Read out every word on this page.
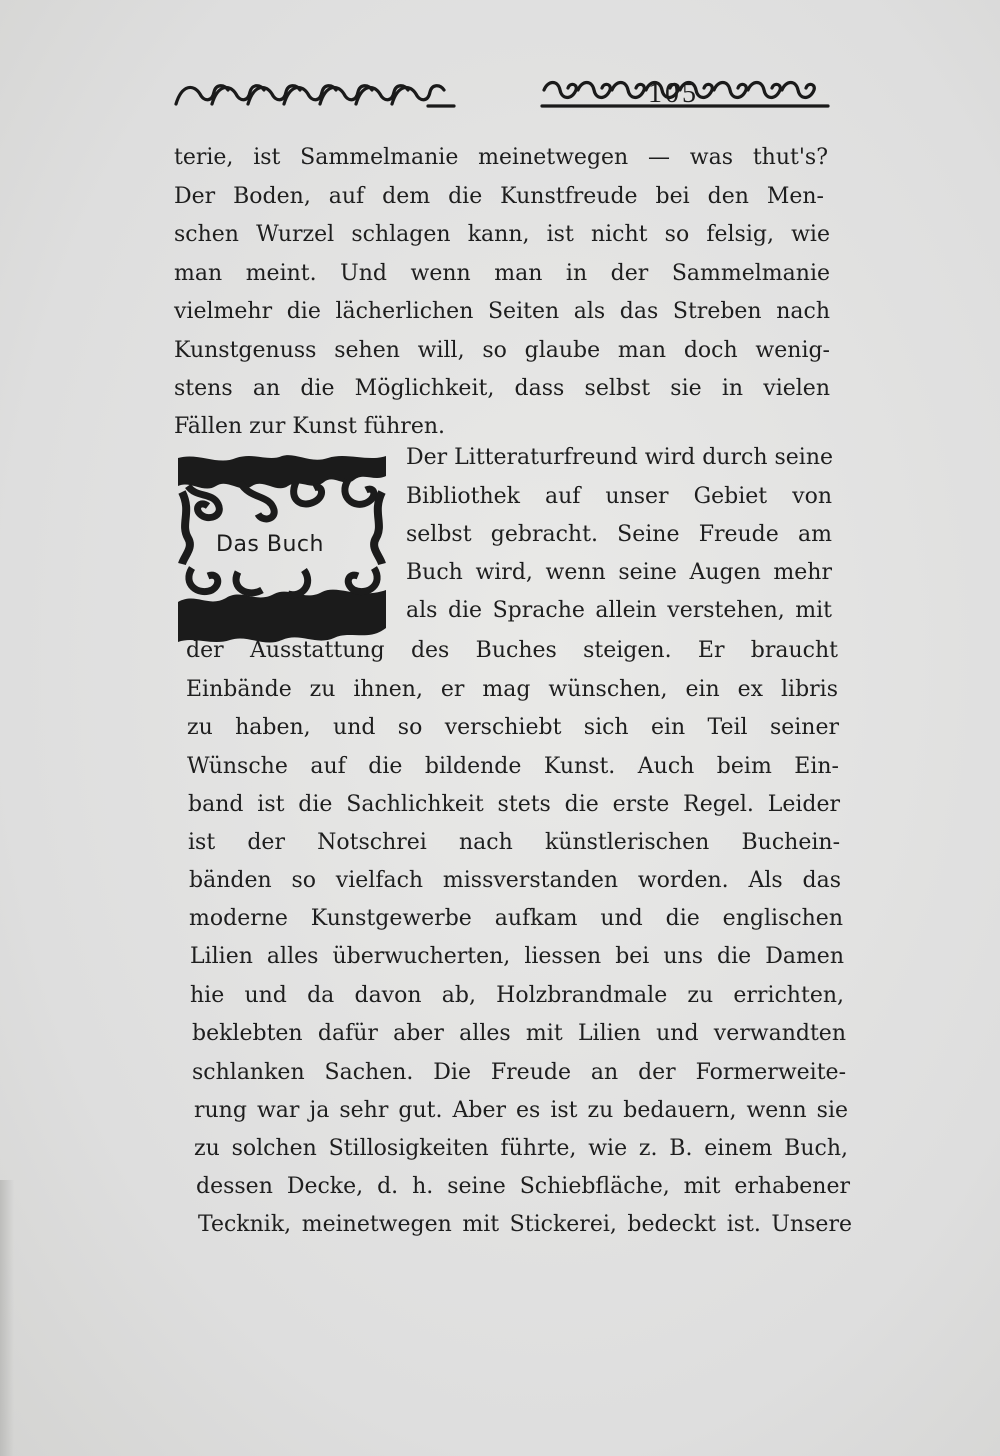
105
terie, ist Sammelmanie meinetwegen — was thut's?
Der Boden, auf dem die Kunstfreude bei den Men-
schen Wurzel schlagen kann, ist nicht so felsig, wie
man meint. Und wenn man in der Sammelmanie
vielmehr die lächerlichen Seiten als das Streben nach
Kunstgenuss sehen will, so glaube man doch wenig-
stens an die Möglichkeit, dass selbst sie in vielen
Fällen zur Kunst führen.
Das Buch
Der Litteraturfreund wird durch seine
Bibliothek auf unser Gebiet von
selbst gebracht. Seine Freude am
Buch wird, wenn seine Augen mehr
als die Sprache allein verstehen, mit
der Ausstattung des Buches steigen. Er braucht
Einbände zu ihnen, er mag wünschen, ein ex libris
zu haben, und so verschiebt sich ein Teil seiner
Wünsche auf die bildende Kunst. Auch beim Ein-
band ist die Sachlichkeit stets die erste Regel. Leider
ist der Notschrei nach künstlerischen Buchein-
bänden so vielfach missverstanden worden. Als das
moderne Kunstgewerbe aufkam und die englischen
Lilien alles überwucherten, liessen bei uns die Damen
hie und da davon ab, Holzbrandmale zu errichten,
beklebten dafür aber alles mit Lilien und verwandten
schlanken Sachen. Die Freude an der Formerweite-
rung war ja sehr gut. Aber es ist zu bedauern, wenn sie
zu solchen Stillosigkeiten führte, wie z. B. einem Buch,
dessen Decke, d. h. seine Schiebfläche, mit erhabener
Tecknik, meinetwegen mit Stickerei, bedeckt ist. Unsere
